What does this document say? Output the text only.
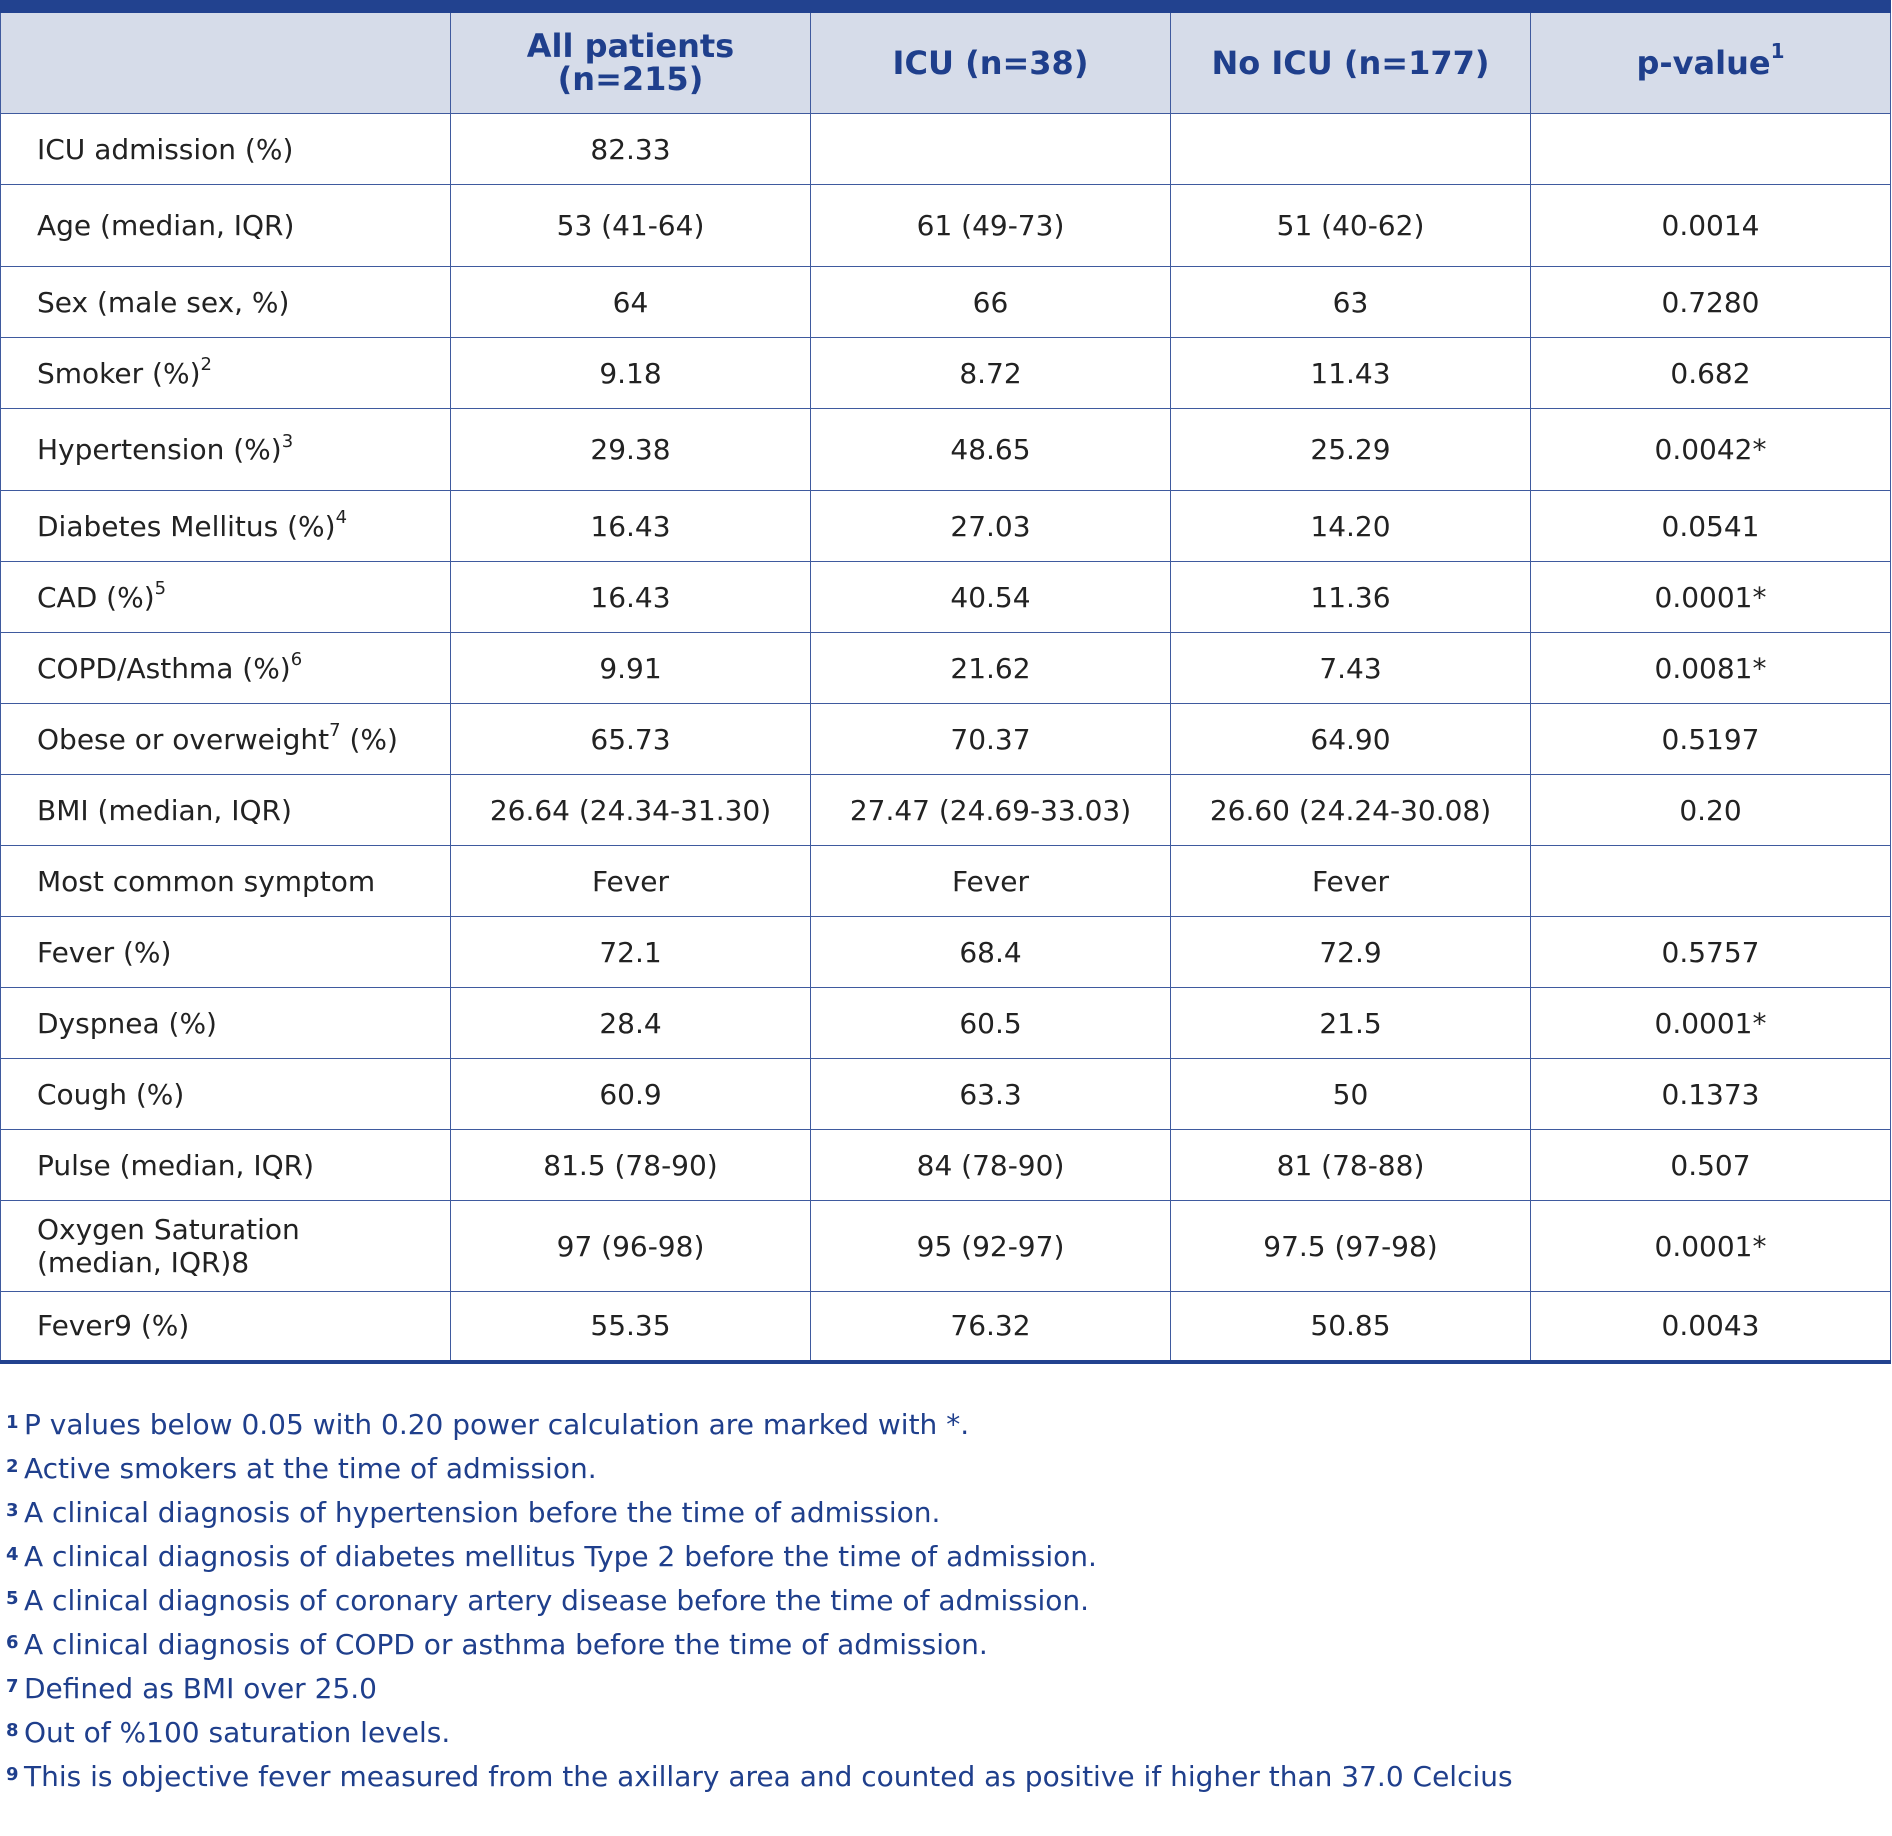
	All patients (n=215)	ICU (n=38)	No ICU (n=177)	p-value$^1$
ICU admission (%)	82.33			
Age (median, IQR)	53 (41-64)	61 (49-73)	51 (40-62)	0.0014
Sex (male sex, %)	64	66	63	0.7280
Smoker (%)$^2$	9.18	8.72	11.43	0.682
Hypertension (%)$^3$	29.38	48.65	25.29	0.0042*
Diabetes Mellitus (%)$^4$	16.43	27.03	14.20	0.0541
CAD (%)$^5$	16.43	40.54	11.36	0.0001*
COPD/Asthma (%)$^6$	9.91	21.62	7.43	0.0081*
Obese or overweight$^7$ (%)	65.73	70.37	64.90	0.5197
BMI (median, IQR)	26.64 (24.34-31.30)	27.47 (24.69-33.03)	26.60 (24.24-30.08)	0.20
Most common symptom	Fever	Fever	Fever	
Fever (%)	72.1	68.4	72.9	0.5757
Dyspnea (%)	28.4	60.5	21.5	0.0001*
Cough (%)	60.9	63.3	50	0.1373
Pulse (median, IQR)	81.5 (78-90)	84 (78-90)	81 (78-88)	0.507
Oxygen Saturation
(median, IQR)8	97 (96-98)	95 (92-97)	97.5 (97-98)	0.0001*
Fever9 (%)	55.35	76.32	50.85	0.0043
1 P values below 0.05 with 0.20 power calculation are marked with *.
2 Active smokers at the time of admission.
3 A clinical diagnosis of hypertension before the time of admission.
4 A clinical diagnosis of diabetes mellitus Type 2 before the time of admission.
5 A clinical diagnosis of coronary artery disease before the time of admission.
6 A clinical diagnosis of COPD or asthma before the time of admission.
7 Defined as BMI over 25.0
8 Out of %100 saturation levels.
9 This is objective fever measured from the axillary area and counted as positive if higher than 37.0 Celcius
